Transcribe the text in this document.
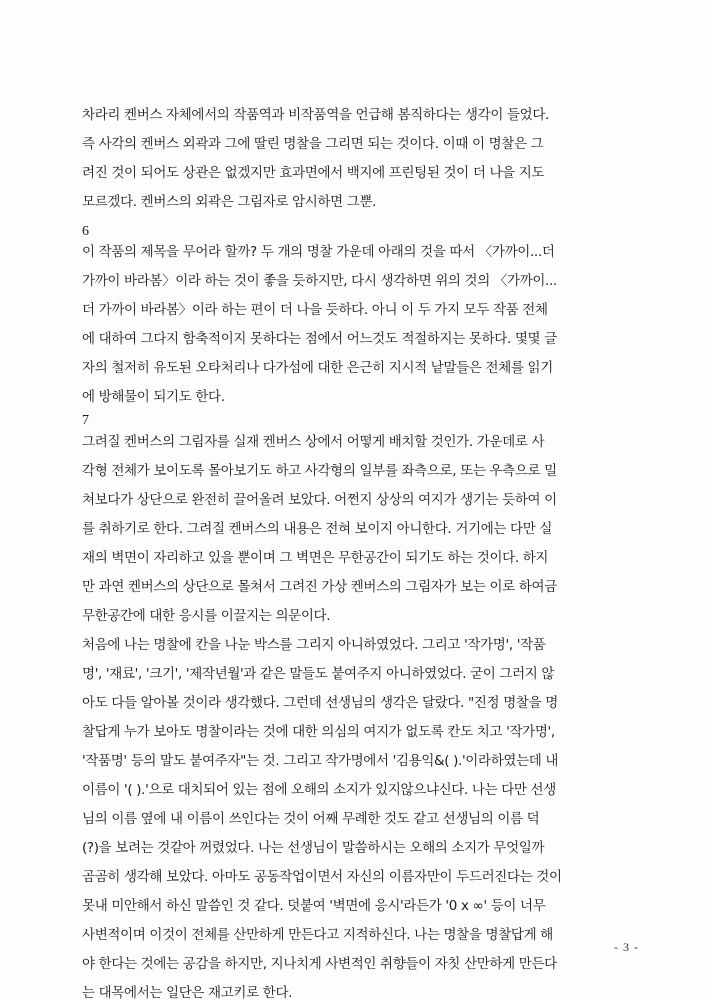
차라리 켄버스 자체에서의 작품역과 비작품역을 언급해 봄직하다는 생각이 들었다.
즉 사각의 켄버스 외곽과 그에 딸린 명찰을 그리면 되는 것이다. 이때 이 명찰은 그
려진 것이 되어도 상관은 없겠지만 효과면에서 백지에 프린팅된 것이 더 나을 지도
모르겠다. 켄버스의 외곽은 그림자로 암시하면 그뿐.
6
이 작품의 제목을 무어라 할까? 두 개의 명찰 가운데 아래의 것을 따서 〈가까이...더
가까이 바라봄〉이라 하는 것이 좋을 듯하지만, 다시 생각하면 위의 것의 〈가까이...
더 가까이 바라봄〉이라 하는 편이 더 나을 듯하다. 아니 이 두 가지 모두 작품 전체
에 대하여 그다지 함축적이지 못하다는 점에서 어느것도 적절하지는 못하다. 몇몇 글
자의 철저히 유도된 오타처리나 다가섬에 대한 은근히 지시적 낱말들은 전체를 읽기
에 방해물이 되기도 한다.
7
그려질 켄버스의 그림자를 실재 켄버스 상에서 어떻게 배치할 것인가. 가운데로 사
각형 전체가 보이도록 몰아보기도 하고 사각형의 일부를 좌측으로, 또는 우측으로 밀
쳐보다가 상단으로 완전히 끌어올려 보았다. 어쩐지 상상의 여지가 생기는 듯하여 이
를 취하기로 한다. 그려질 켄버스의 내용은 전혀 보이지 아니한다. 거기에는 다만 실
재의 벽면이 자리하고 있을 뿐이며 그 벽면은 무한공간이 되기도 하는 것이다. 하지
만 과연 켄버스의 상단으로 몰쳐서 그려진 가상 켄버스의 그림자가 보는 이로 하여금
무한공간에 대한 응시를 이끌지는 의문이다.
처음에 나는 명찰에 칸을 나눈 박스를 그리지 아니하였었다. 그리고 '작가명', '작품
명', '재료', '크기', '제작년월'과 같은 말들도 붙여주지 아니하였었다. 굳이 그러지 않
아도 다들 알아볼 것이라 생각했다. 그런데 선생님의 생각은 달랐다. "진정 명찰을 명
찰답게 누가 보아도 명찰이라는 것에 대한 의심의 여지가 없도록 칸도 치고 '작가명',
'작품명' 등의 말도 붙여주자"는 것. 그리고 작가명에서 '김용익&( ).'이라하였는데 내
이름이 '( ).'으로 대치되어 있는 점에 오해의 소지가 있지않으냐신다. 나는 다만 선생
님의 이름 옆에 내 이름이 쓰인다는 것이 어째 무례한 것도 같고 선생님의 이름 덕
(?)을 보려는 것같아 꺼렸었다. 나는 선생님이 말씀하시는 오해의 소지가 무엇일까
곰곰히 생각해 보았다. 아마도 공동작업이면서 자신의 이름자만이 두드러진다는 것이
못내 미안해서 하신 말씀인 것 같다. 덧붙여 '벽면에 응시'라든가 '0 x ∞' 등이 너무
사변적이며 이것이 전체를 산만하게 만든다고 지적하신다. 나는 명찰을 명찰답게 해
야 한다는 것에는 공감을 하지만, 지나치게 사변적인 취향들이 자칫 산만하게 만든다
는 대목에서는 일단은 재고키로 한다.
- 3 -
